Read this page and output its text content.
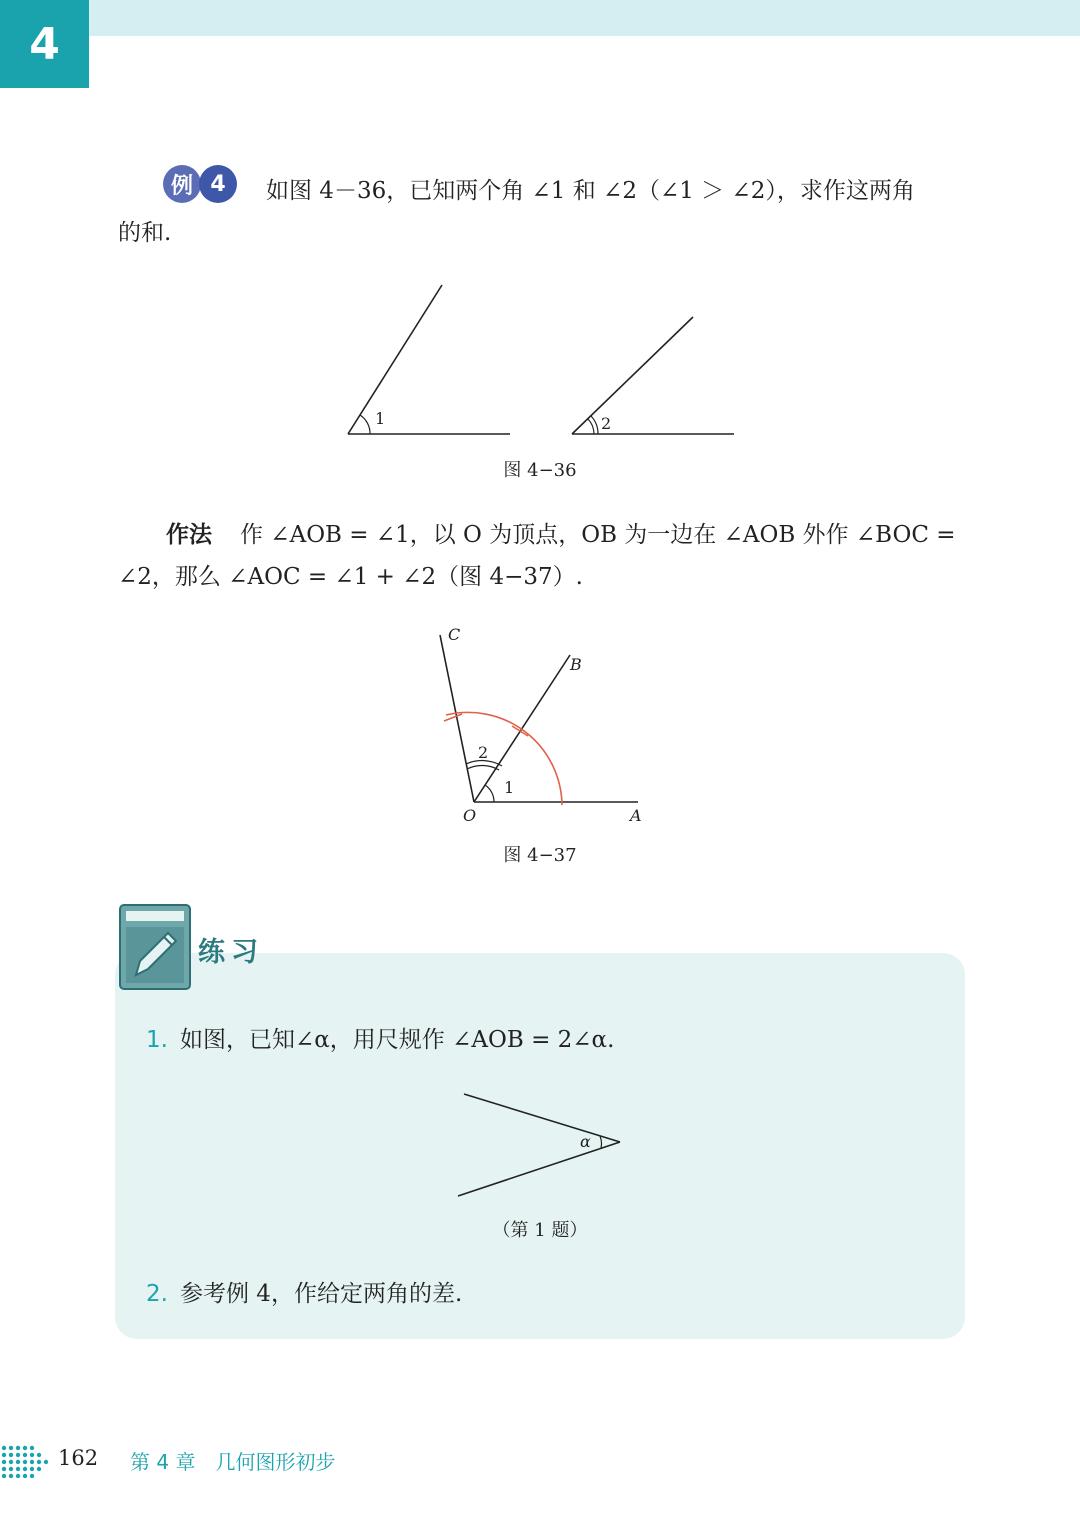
4
例 4	如图 4－36，已知两个角 ∠1 和 ∠2（∠1 ＞ ∠2），求作这两角
的和.
1	2
图 4−36
作法	作 ∠AOB = ∠1，以 O 为顶点，OB 为一边在 ∠AOB 外作 ∠BOC =
∠2，那么 ∠AOC = ∠1 + ∠2（图 4−37）.
C
B
O	A
1
2
图 4−37
练习
1. 如图，已知∠α，用尺规作 ∠AOB = 2∠α.
α
（第 1 题）
2. 参考例 4，作给定两角的差.
162 第 4 章　几何图形初步
